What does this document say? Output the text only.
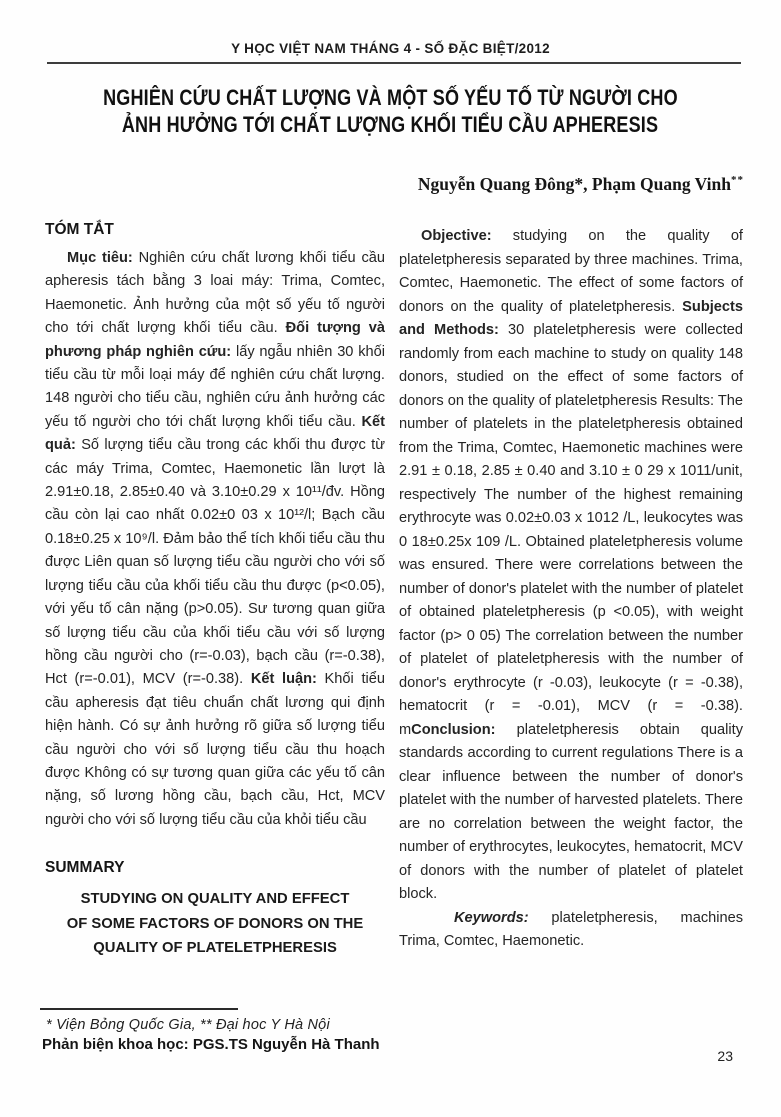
Y HỌC VIỆT NAM THÁNG 4 - SỐ ĐẶC BIỆT/2012
NGHIÊN CỨU CHẤT LƯỢNG VÀ MỘT SỐ YẾU TỐ TỪ NGƯỜI CHO
ẢNH HƯỞNG TỚI CHẤT LƯỢNG KHỐI TIỂU CẦU APHERESIS
Nguyễn Quang Đông*, Phạm Quang Vinh**
TÓM TẮT
Mục tiêu: Nghiên cứu chất lương khối tiểu cầu apheresis tách bằng 3 loai máy: Trima, Comtec, Haemonetic. Ảnh hưởng của một số yếu tố người cho tới chất lượng khối tiểu cầu. Đối tượng và phương pháp nghiên cứu: lấy ngẫu nhiên 30 khối tiểu cầu từ mỗi loại máy để nghiên cứu chất lượng. 148 người cho tiểu cầu, nghiên cứu ảnh hưởng các yếu tố người cho tới chất lượng khối tiểu cầu. Kết quả: Số lượng tiểu cầu trong các khối thu được từ các máy Trima, Comtec, Haemonetic lần lượt là 2.91±0.18, 2.85±0.40 và 3.10±0.29 x 10¹¹/đv. Hồng cầu còn lại cao nhất 0.02±0 03 x 10¹²/l; Bạch cầu 0.18±0.25 x 10⁹/l. Đảm bảo thể tích khối tiểu cầu thu được Liên quan số lượng tiểu cầu người cho với số lượng tiểu cầu của khối tiểu cầu thu được (p<0.05), với yếu tố cân nặng (p>0.05). Sư tương quan giữa số lượng tiểu cầu của khối tiểu cầu với số lượng hồng cầu người cho (r=-0.03), bạch cầu (r=-0.38), Hct (r=-0.01), MCV (r=-0.38). Kết luận: Khối tiểu cầu apheresis đạt tiêu chuẩn chất lương qui định hiện hành. Có sự ảnh hưởng rõ giữa số lượng tiểu cầu người cho với số lượng tiểu cầu thu hoạch được Không có sự tương quan giữa các yếu tố cân nặng, số lương hồng cầu, bạch cầu, Hct, MCV người cho với số lượng tiểu cầu của khỏi tiểu cầu
SUMMARY
STUDYING ON QUALITY AND EFFECT
OF SOME FACTORS OF DONORS ON THE
QUALITY OF PLATELETPHERESIS
Objective: studying on the quality of plateletpheresis separated by three machines. Trima, Comtec, Haemonetic. The effect of some factors of donors on the quality of plateletpheresis. Subjects and Methods: 30 plateletpheresis were collected randomly from each machine to study on quality 148 donors, studied on the effect of some factors of donors on the quality of plateletpheresis Results: The number of platelets in the plateletpheresis obtained from the Trima, Comtec, Haemonetic machines were 2.91 ± 0.18, 2.85 ± 0.40 and 3.10 ± 0 29 x 1011/unit, respectively The number of the highest remaining erythrocyte was 0.02±0.03 x 1012 /L, leukocytes was 0 18±0.25x 109 /L. Obtained plateletpheresis volume was ensured. There were correlations between the number of donor's platelet with the number of platelet of obtained plateletpheresis (p <0.05), with weight factor (p> 0 05) The correlation between the number of platelet of plateletpheresis with the number of donor's erythrocyte (r -0.03), leukocyte (r = -0.38), hematocrit (r = -0.01), MCV (r = -0.38). mConclusion: plateletpheresis obtain quality standards according to current regulations There is a clear influence between the number of donor's platelet with the number of harvested platelets. There are no correlation between the weight factor, the number of erythrocytes, leukocytes, hematocrit, MCV of donors with the number of platelet of platelet block.
Keywords: plateletpheresis, machines Trima, Comtec, Haemonetic.
* Viện Bỏng Quốc Gia, ** Đại hoc Y Hà Nội
Phản biện khoa học: PGS.TS Nguyễn Hà Thanh
23
